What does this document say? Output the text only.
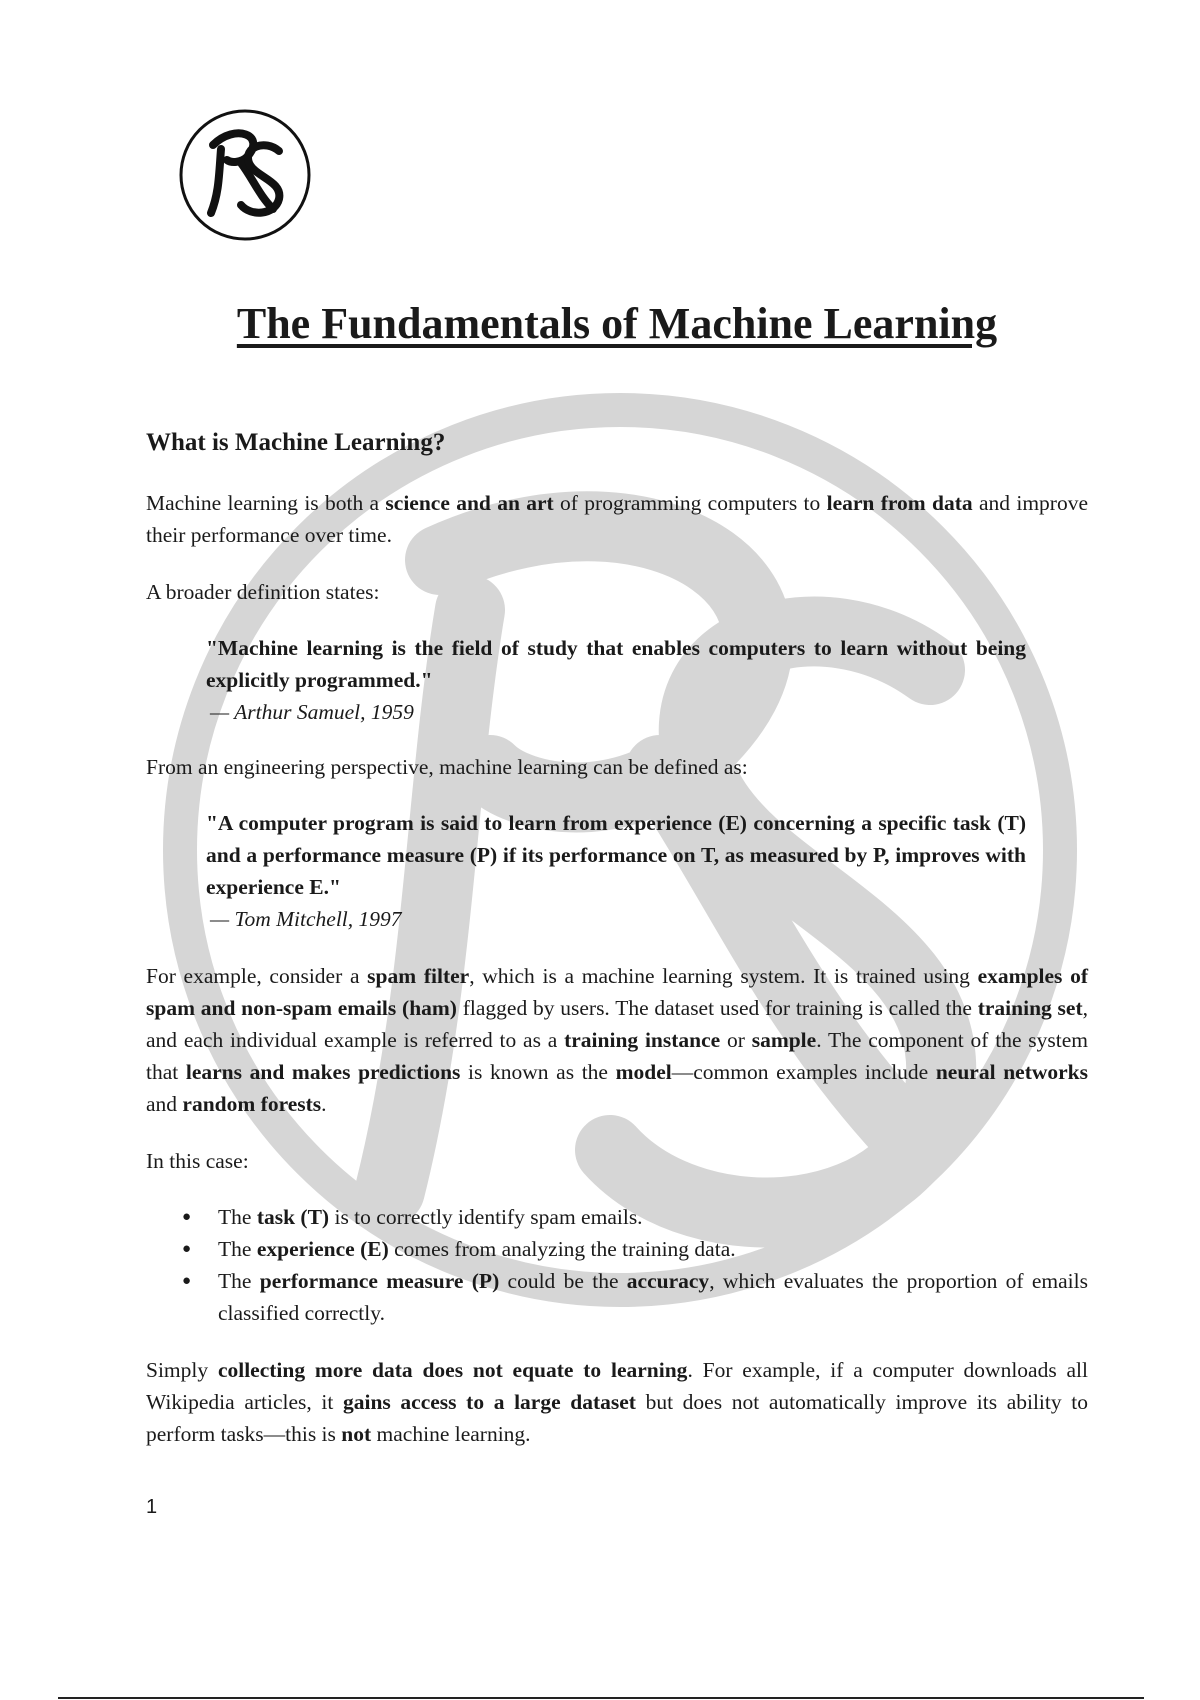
The Fundamentals of Machine Learning
What is Machine Learning?

Machine learning is both a science and an art of programming computers to learn from data and improve their performance over time.

A broader definition states:

"Machine learning is the field of study that enables computers to learn without being explicitly programmed."
— Arthur Samuel, 1959

From an engineering perspective, machine learning can be defined as:

"A computer program is said to learn from experience (E) concerning a specific task (T) and a performance measure (P) if its performance on T, as measured by P, improves with experience E."
— Tom Mitchell, 1997

For example, consider a spam filter, which is a machine learning system. It is trained using examples of spam and non-spam emails (ham) flagged by users. The dataset used for training is called the training set, and each individual example is referred to as a training instance or sample. The component of the system that learns and makes predictions is known as the model—common examples include neural networks and random forests.

In this case:

● The task (T) is to correctly identify spam emails.
● The experience (E) comes from analyzing the training data.
● The performance measure (P) could be the accuracy, which evaluates the proportion of emails classified correctly.

Simply collecting more data does not equate to learning. For example, if a computer downloads all Wikipedia articles, it gains access to a large dataset but does not automatically improve its ability to perform tasks—this is not machine learning.

1
